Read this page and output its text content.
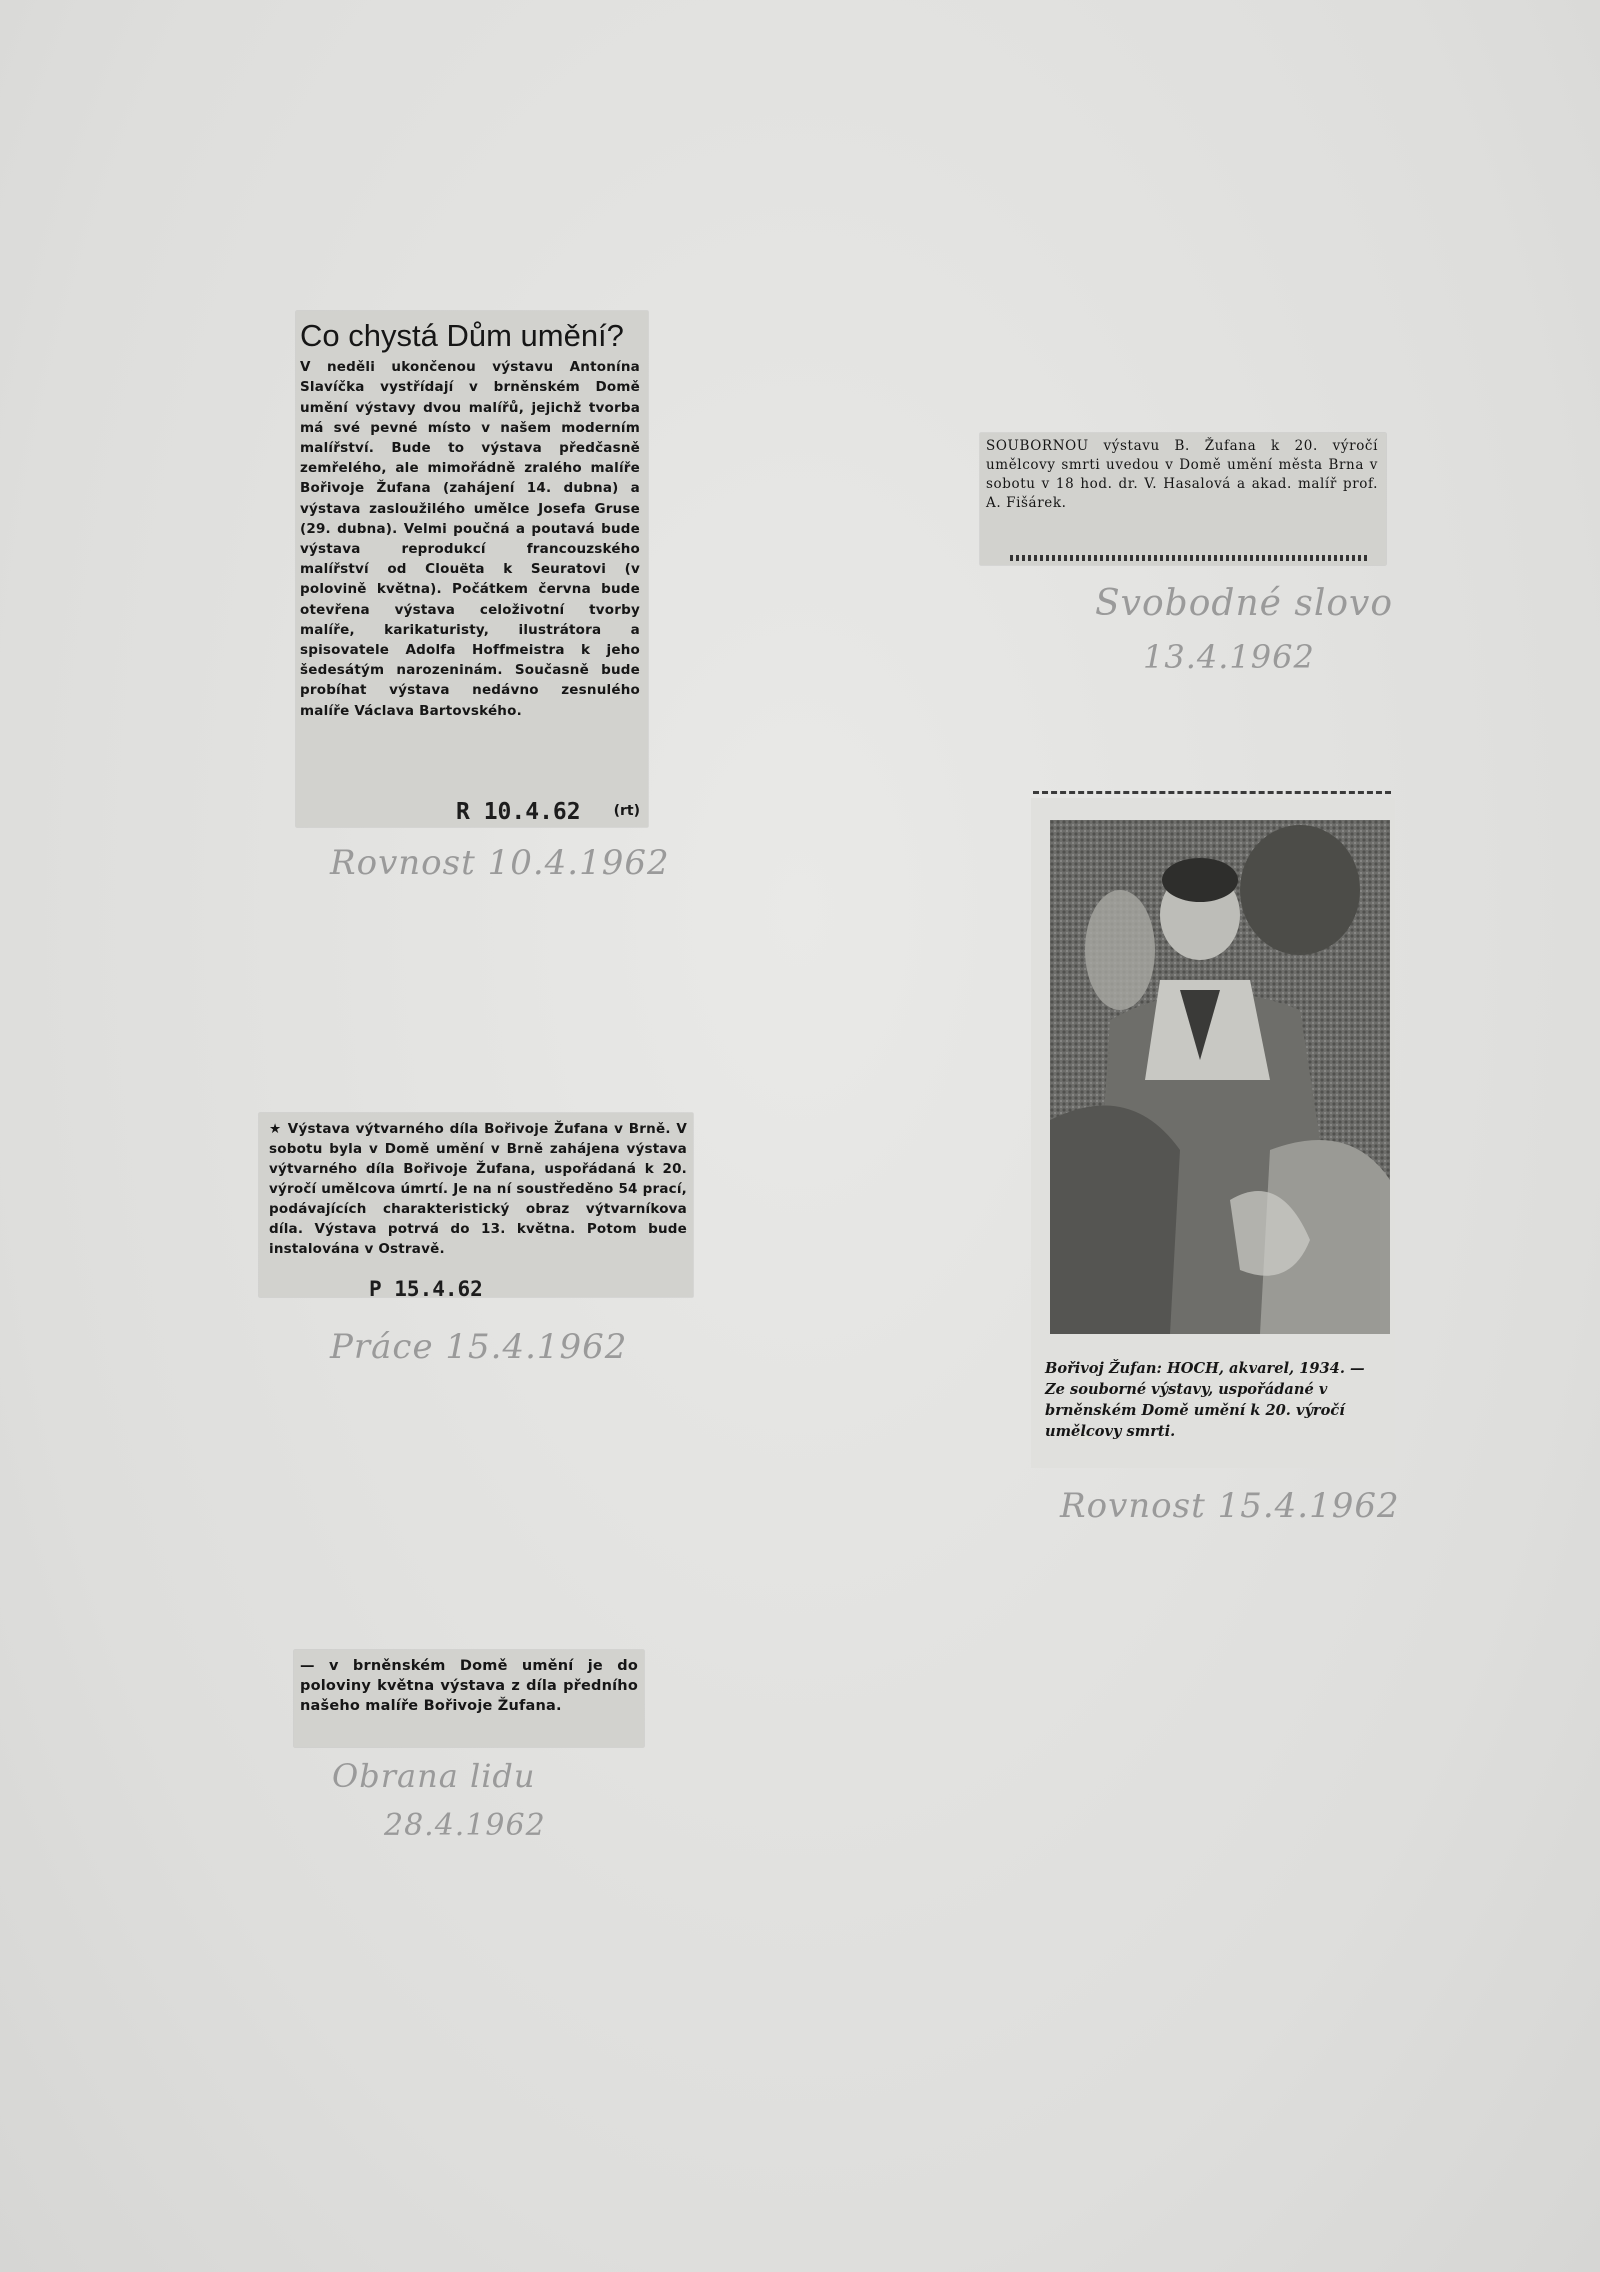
Co chystá Dům umění?

V neděli ukončenou výstavu Antonína Slavíčka vystřídají v brněnském Domě umění výstavy dvou malířů, jejichž tvorba má své pevné místo v našem moderním malířství. Bude to výstava předčasně zemřelého, ale mimořádně zralého malíře Bořivoje Žufana (zahájení 14. dubna) a výstava zasloužilého umělce Josefa Gruse (29. dubna). Velmi poučná a poutavá bude výstava reprodukcí francouzského malířství od Clouëta k Seuratovi (v polovině května). Počátkem června bude otevřena výstava celoživotní tvorby malíře, karikaturisty, ilustrátora a spisovatele Adolfa Hoffmeistra k jeho šedesátým narozeninám. Současně bude probíhat výstava nedávno zesnulého malíře Václava Bartovského.

(rt)
R 10.4.62
Rovnost 10.4.1962

SOUBORNOU výstavu B. Žufana k 20. výročí umělcovy smrti uvedou v Domě umění města Brna v sobotu v 18 hod. dr. V. Hasalová a akad. malíř prof. A. Fišárek.

Svobodné slovo
13.4.1962

★ Výstava výtvarného díla Bořivoje Žufana v Brně. V sobotu byla v Domě umění v Brně zahájena výstava výtvarného díla Bořivoje Žufana, uspořádaná k 20. výročí umělcova úmrtí. Je na ní soustředěno 54 prací, podávajících charakteristický obraz výtvarníkova díla. Výstava potrvá do 13. května. Potom bude instalována v Ostravě.

P 15.4.62
Práce 15.4.1962

Bořivoj Žufan: HOCH, akvarel, 1934. — Ze souborné výstavy, uspořádané v brněnském Domě umění k 20. výročí umělcovy smrti.

Rovnost 15.4.1962

— v brněnském Domě umění je do poloviny května výstava z díla předního našeho malíře Bořivoje Žufana.

Obrana lidu
28.4.1962
